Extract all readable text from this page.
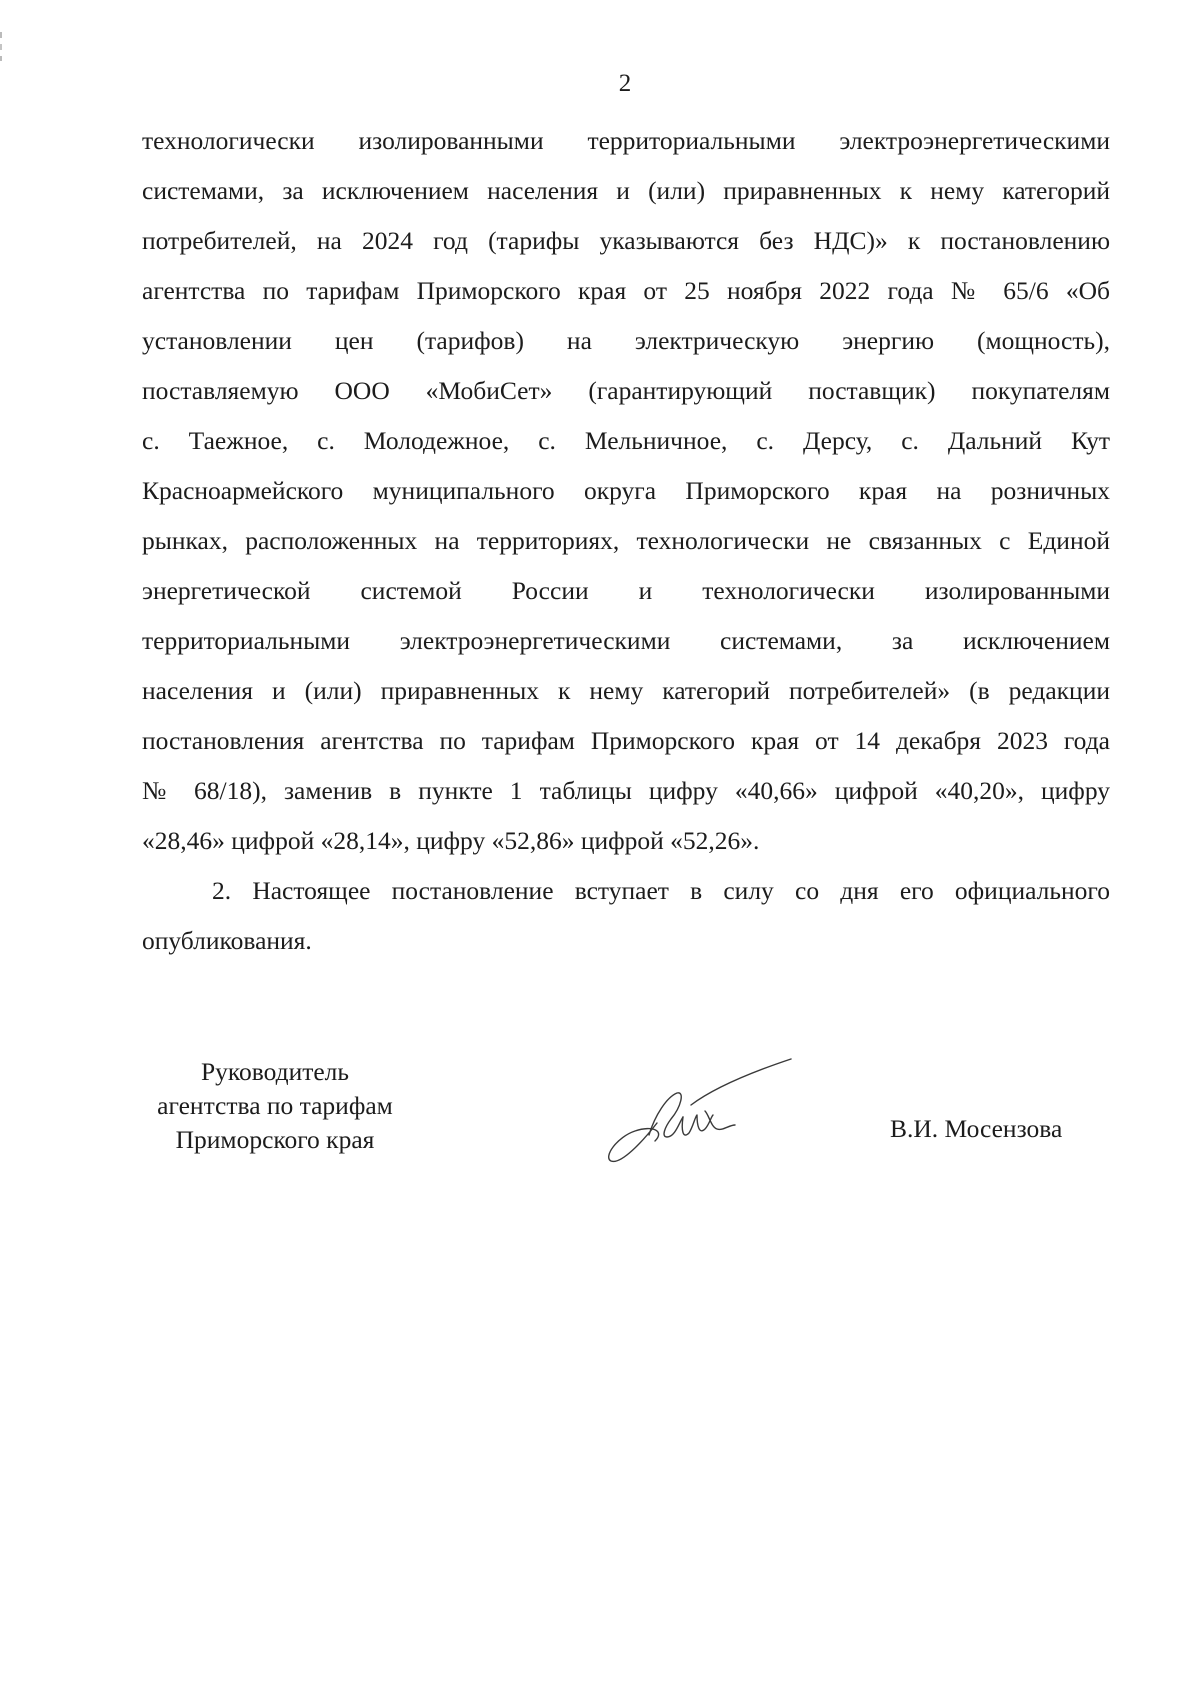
2
технологически изолированными территориальными электроэнергетическими
системами, за исключением населения и (или) приравненных к нему категорий
потребителей, на 2024 год (тарифы указываются без НДС)» к постановлению
агентства по тарифам Приморского края от 25 ноября 2022 года № 65/6 «Об
установлении цен (тарифов) на электрическую энергию (мощность),
поставляемую ООО «МобиСет» (гарантирующий поставщик) покупателям
с. Таежное, с. Молодежное, с. Мельничное, с. Дерсу, с. Дальний Кут
Красноармейского муниципального округа Приморского края на розничных
рынках, расположенных на территориях, технологически не связанных с Единой
энергетической системой России и технологически изолированными
территориальными электроэнергетическими системами, за исключением
населения и (или) приравненных к нему категорий потребителей» (в редакции
постановления агентства по тарифам Приморского края от 14 декабря 2023 года
№ 68/18), заменив в пункте 1 таблицы цифру «40,66» цифрой «40,20», цифру
«28,46» цифрой «28,14», цифру «52,86» цифрой «52,26».
2. Настоящее постановление вступает в силу со дня его официального
опубликования.
Руководитель
агентства по тарифам
Приморского края	В.И. Мосензова
